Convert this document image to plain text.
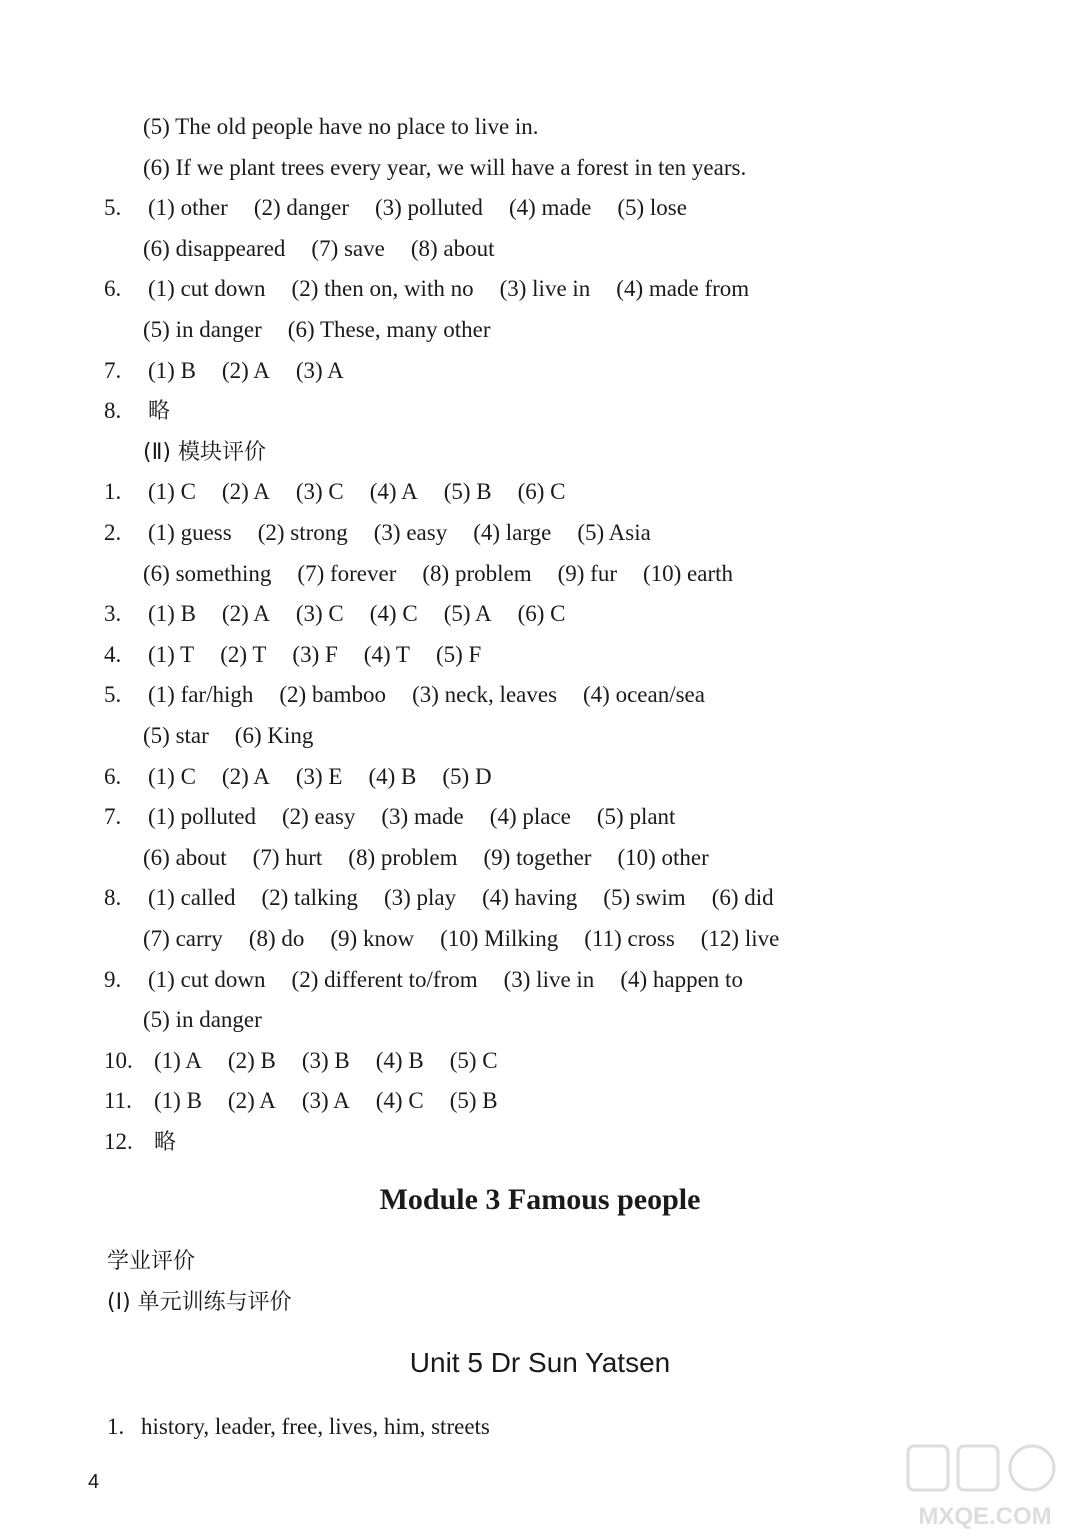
(5) The old people have no place to live in.
(6) If we plant trees every year, we will have a forest in ten years.
5. (1) other (2) danger (3) polluted (4) made (5) lose
(6) disappeared (7) save (8) about
6. (1) cut down (2) then on, with no (3) live in (4) made from
(5) in danger (6) These, many other
7. (1) B (2) A (3) A
8. 略
(Ⅱ) 模块评价
1. (1) C (2) A (3) C (4) A (5) B (6) C
2. (1) guess (2) strong (3) easy (4) large (5) Asia
(6) something (7) forever (8) problem (9) fur (10) earth
3. (1) B (2) A (3) C (4) C (5) A (6) C
4. (1) T (2) T (3) F (4) T (5) F
5. (1) far/high (2) bamboo (3) neck, leaves (4) ocean/sea
(5) star (6) King
6. (1) C (2) A (3) E (4) B (5) D
7. (1) polluted (2) easy (3) made (4) place (5) plant
(6) about (7) hurt (8) problem (9) together (10) other
8. (1) called (2) talking (3) play (4) having (5) swim (6) did
(7) carry (8) do (9) know (10) Milking (11) cross (12) live
9. (1) cut down (2) different to/from (3) live in (4) happen to
(5) in danger
10. (1) A (2) B (3) B (4) B (5) C
11. (1) B (2) A (3) A (4) C (5) B
12. 略
Module 3 Famous people
学业评价
(Ⅰ) 单元训练与评价
Unit 5 Dr Sun Yatsen
1. history, leader, free, lives, him, streets
4
MXQE.COM
